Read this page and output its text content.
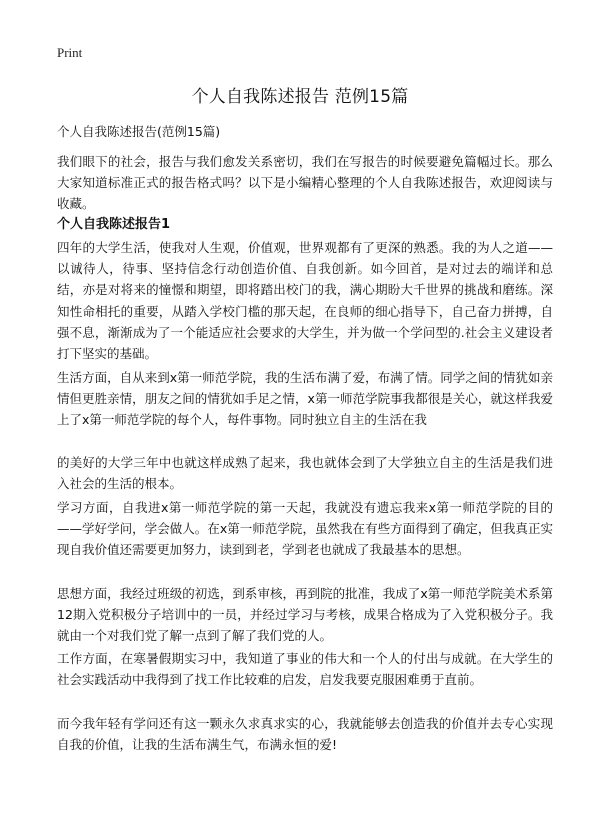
Print
个人自我陈述报告 范例15篇
个人自我陈述报告(范例15篇)

我们眼下的社会，报告与我们愈发关系密切，我们在写报告的时候要避免篇幅过长。那么大家知道标准正式的报告格式吗？以下是小编精心整理的个人自我陈述报告，欢迎阅读与收藏。

个人自我陈述报告1

四年的大学生活，使我对人生观，价值观，世界观都有了更深的熟悉。我的为人之道——以诚待人，待事、坚持信念行动创造价值、自我创新。如今回首，是对过去的端详和总结，亦是对将来的憧憬和期望，即将踏出校门的我，满心期盼大千世界的挑战和磨练。深知性命相托的重要，从踏入学校门槛的那天起，在良师的细心指导下，自己奋力拼搏，自强不息，渐渐成为了一个能适应社会要求的大学生，并为做一个学问型的.社会主义建设者打下坚实的基础。

生活方面，自从来到x第一师范学院，我的生活布满了爱，布满了情。同学之间的情犹如亲情但更胜亲情，朋友之间的情犹如手足之情，x第一师范学院事我都很是关心，就这样我爱上了x第一师范学院的每个人，每件事物。同时独立自主的生活在我

的美好的大学三年中也就这样成熟了起来，我也就体会到了大学独立自主的生活是我们进入社会的生活的根本。

学习方面，自我进x第一师范学院的第一天起，我就没有遗忘我来x第一师范学院的目的——学好学问，学会做人。在x第一师范学院，虽然我在有些方面得到了确定，但我真正实现自我价值还需要更加努力，读到到老，学到老也就成了我最基本的思想。

思想方面，我经过班级的初选，到系审核，再到院的批准，我成了x第一师范学院美术系第12期入党积极分子培训中的一员，并经过学习与考核，成果合格成为了入党积极分子。我就由一个对我们党了解一点到了解了我们党的人。

工作方面，在寒暑假期实习中，我知道了事业的伟大和一个人的付出与成就。在大学生的社会实践活动中我得到了找工作比较难的启发，启发我要克服困难勇于直前。

而今我年轻有学问还有这一颗永久求真求实的心，我就能够去创造我的价值并去专心实现自我的价值，让我的生活布满生气，布满永恒的爱!
